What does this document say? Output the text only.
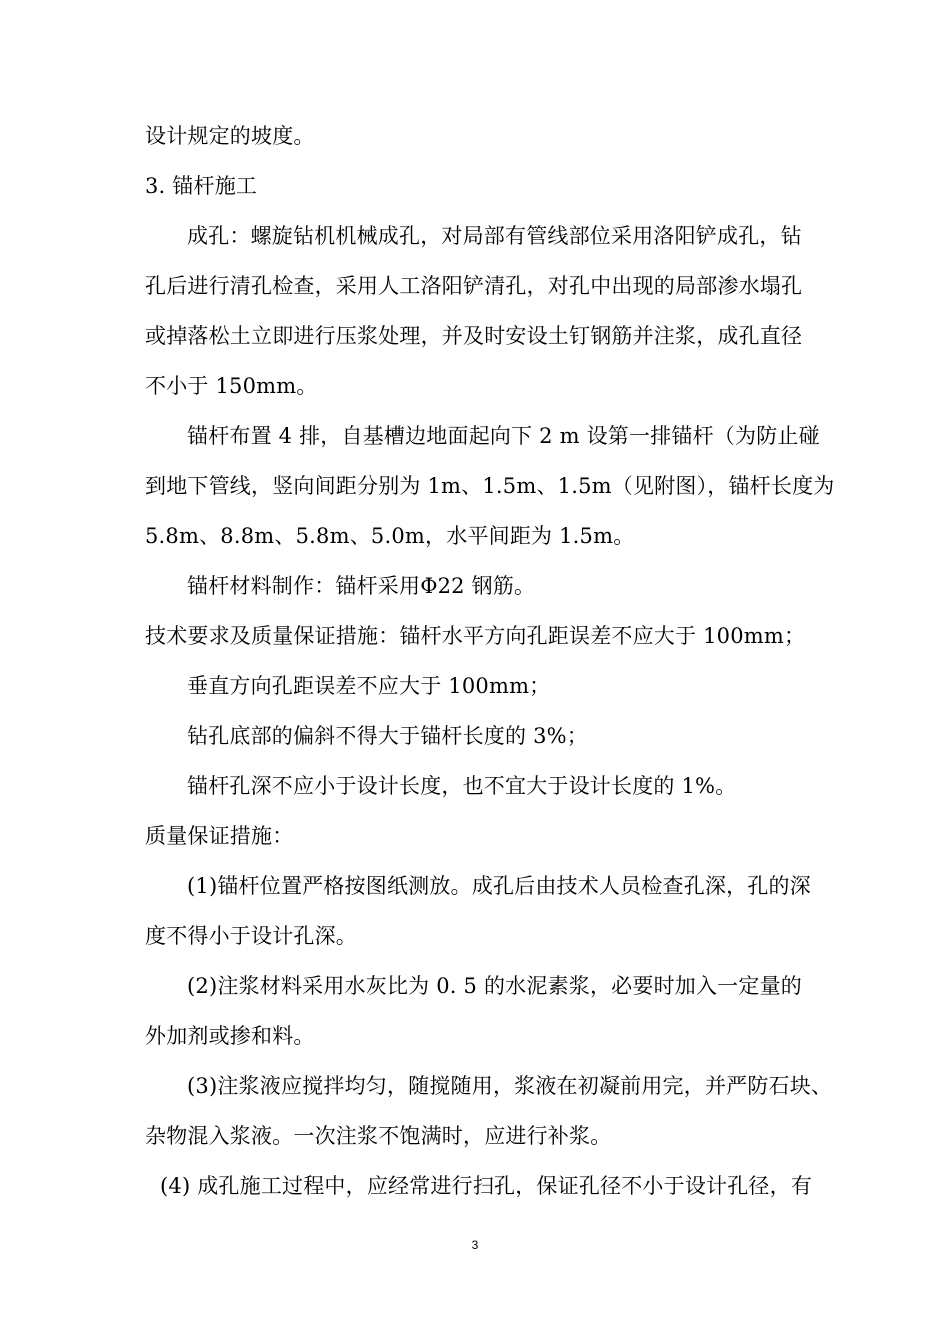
设计规定的坡度。
3. 锚杆施工
成孔：螺旋钻机机械成孔，对局部有管线部位采用洛阳铲成孔，钻
孔后进行清孔检查，采用人工洛阳铲清孔，对孔中出现的局部渗水塌孔
或掉落松土立即进行压浆处理，并及时安设土钉钢筋并注浆，成孔直径
不小于 150mm。
锚杆布置 4 排，自基槽边地面起向下 2 m 设第一排锚杆（为防止碰
到地下管线，竖向间距分别为 1m、1.5m、1.5m（见附图），锚杆长度为
5.8m、8.8m、5.8m、5.0m，水平间距为 1.5m。
锚杆材料制作：锚杆采用Φ22 钢筋。
技术要求及质量保证措施：锚杆水平方向孔距误差不应大于 100mm；
垂直方向孔距误差不应大于 100mm；
钻孔底部的偏斜不得大于锚杆长度的 3%；
锚杆孔深不应小于设计长度，也不宜大于设计长度的 1%。
质量保证措施：
(1)锚杆位置严格按图纸测放。成孔后由技术人员检查孔深，孔的深
度不得小于设计孔深。
(2)注浆材料采用水灰比为 0. 5 的水泥素浆，必要时加入一定量的
外加剂或掺和料。
(3)注浆液应搅拌均匀，随搅随用，浆液在初凝前用完，并严防石块、
杂物混入浆液。一次注浆不饱满时，应进行补浆。
(4) 成孔施工过程中，应经常进行扫孔，保证孔径不小于设计孔径，有
3
